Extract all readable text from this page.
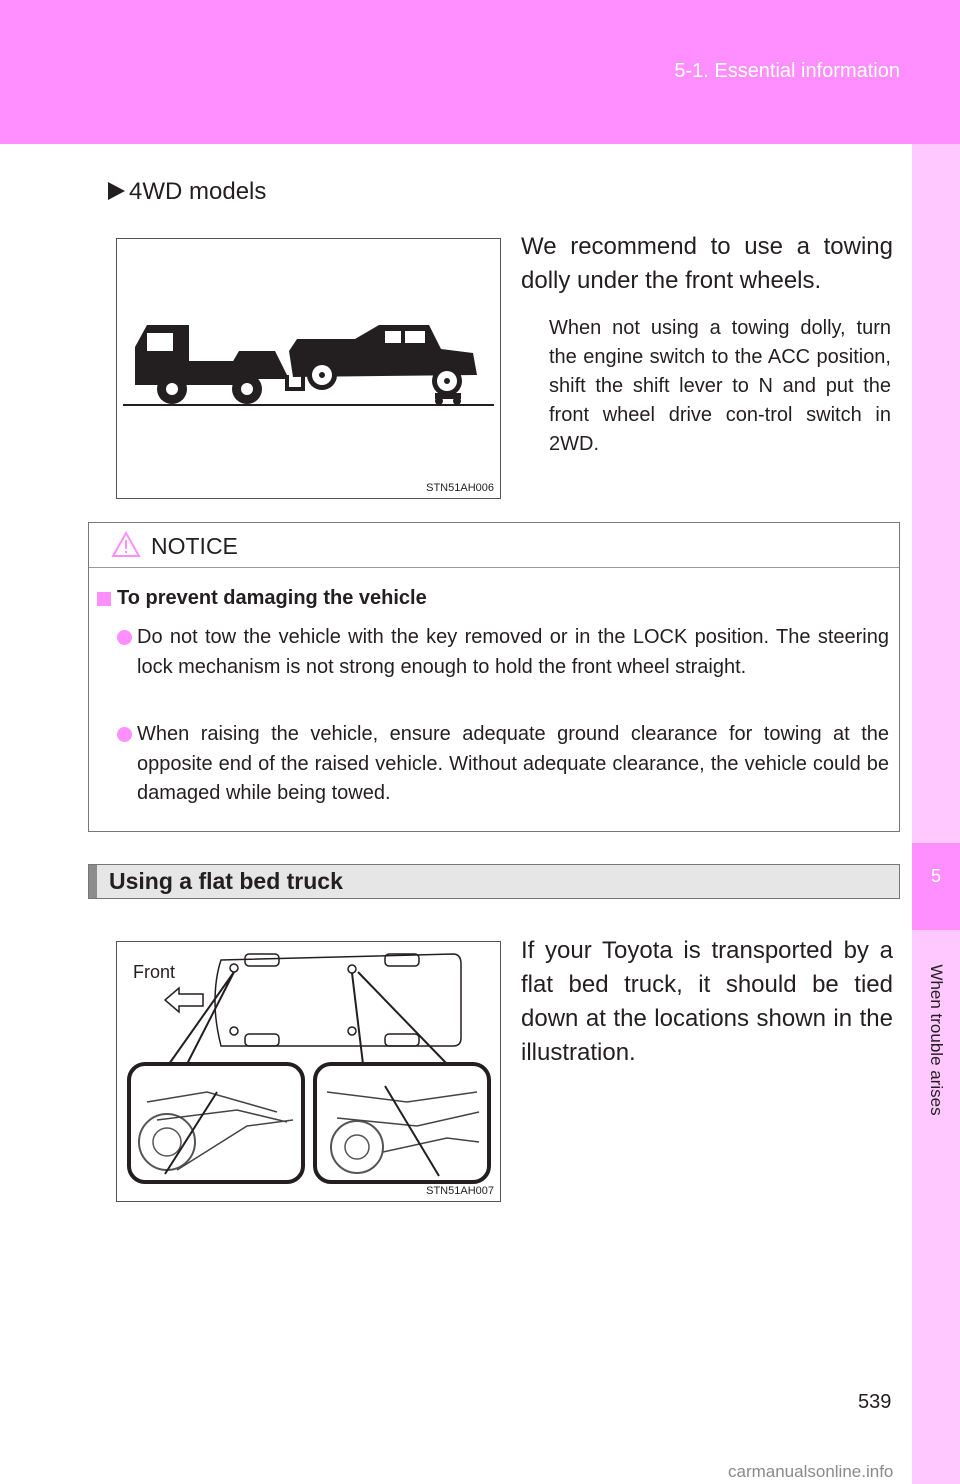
5-1. Essential information
5
When trouble arises
4WD models
STN51AH006
We recommend to use a towing dolly under the front wheels.
When not using a towing dolly, turn the engine switch to the ACC position, shift the shift lever to N and put the front wheel drive con-trol switch in 2WD.
NOTICE
To prevent damaging the vehicle
Do not tow the vehicle with the key removed or in the LOCK position. The steering lock mechanism is not strong enough to hold the front wheel straight.
When raising the vehicle, ensure adequate ground clearance for towing at the opposite end of the raised vehicle. Without adequate clearance, the vehicle could be damaged while being towed.
Using a flat bed truck
Front
STN51AH007
If your Toyota is transported by a flat bed truck, it should be tied down at the locations shown in the illustration.
539
carmanualsonline.info
